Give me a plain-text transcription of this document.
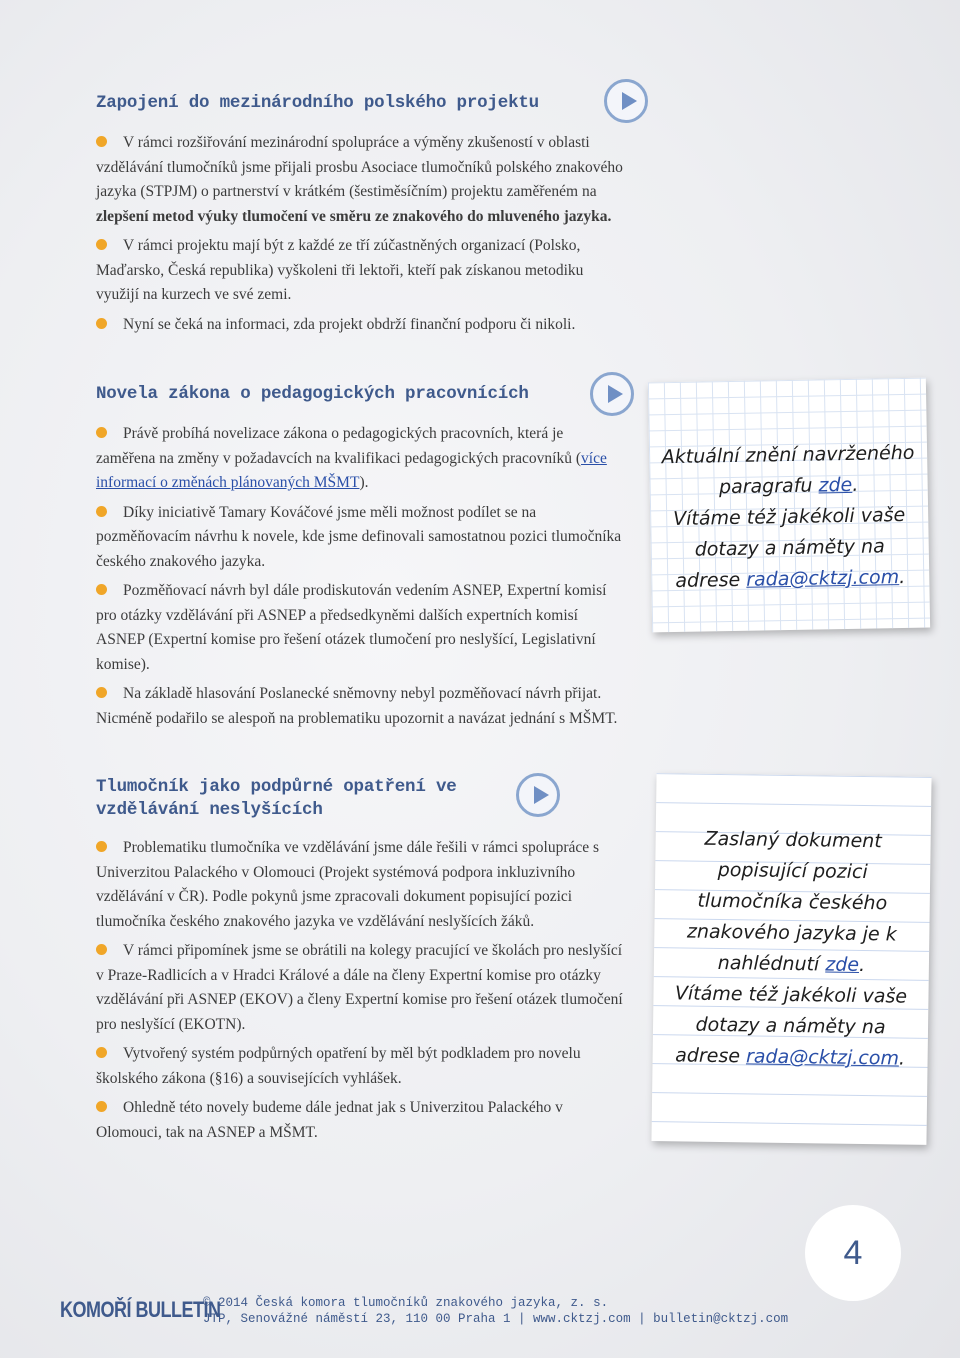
Zapojení do mezinárodního polského projektu
V rámci rozšiřování mezinárodní spolupráce a výměny zkušeností v oblasti vzdělávání tlumočníků jsme přijali prosbu Asociace tlumočníků polského znakového jazyka (STPJM) o partnerství v krátkém (šestiměsíčním) projektu zaměřeném na zlepšení metod výuky tlumočení ve směru ze znakového do mluveného jazyka.
V rámci projektu mají být z každé ze tří zúčastněných organizací (Polsko, Maďarsko, Česká republika) vyškoleni tři lektoři, kteří pak získanou metodiku využijí na kurzech ve své zemi.
Nyní se čeká na informaci, zda projekt obdrží finanční podporu či nikoli.
Novela zákona o pedagogických pracovnících
Právě probíhá novelizace zákona o pedagogických pracovních, která je zaměřena na změny v požadavcích na kvalifikaci pedagogických pracovníků (více informací o změnách plánovaných MŠMT).
Díky iniciativě Tamary Kováčové jsme měli možnost podílet se na pozměňovacím návrhu k novele, kde jsme definovali samostatnou pozici tlumočníka českého znakového jazyka.
Pozměňovací návrh byl dále prodiskutován vedením ASNEP, Expertní komisí pro otázky vzdělávání při ASNEP a předsedkyněmi dalších expertních komisí ASNEP (Expertní komise pro řešení otázek tlumočení pro neslyšící, Legislativní komise).
Na základě hlasování Poslanecké sněmovny nebyl pozměňovací návrh přijat. Nicméně podařilo se alespoň na problematiku upozornit a navázat jednání s MŠMT.
Tlumočník jako podpůrné opatření ve
vzdělávání neslyšících
Problematiku tlumočníka ve vzdělávání jsme dále řešili v rámci spolupráce s Univerzitou Palackého v Olomouci (Projekt systémová podpora inkluzivního vzdělávání v ČR). Podle pokynů jsme zpracovali dokument popisující pozici tlumočníka českého znakového jazyka ve vzdělávání neslyšících žáků.
V rámci připomínek jsme se obrátili na kolegy pracující ve školách pro neslyšící v Praze-Radlicích a v Hradci Králové a dále na členy Expertní komise pro otázky vzdělávání při ASNEP (EKOV) a členy Expertní komise pro řešení otázek tlumočení pro neslyšící (EKOTN).
Vytvořený systém podpůrných opatření by měl být podkladem pro novelu školského zákona (§16) a souvisejících vyhlášek.
Ohledně této novely budeme dále jednat jak s Univerzitou Palackého v Olomouci, tak na ASNEP a MŠMT.
Aktuální znění navrženého
paragrafu zde.
Vítáme též jakékoli vaše
dotazy a náměty na
adrese rada@cktzj.com.
Zaslaný dokument
popisující pozici
tlumočníka českého
znakového jazyka je k
nahlédnutí zde.
Vítáme též jakékoli vaše
dotazy a náměty na
adrese rada@cktzj.com.
4
KOMOŘÍ BULLETIN
© 2014 Česká komora tlumočníků znakového jazyka, z. s.
JTP, Senovážné náměstí 23, 110 00 Praha 1 | www.cktzj.com | bulletin@cktzj.com
